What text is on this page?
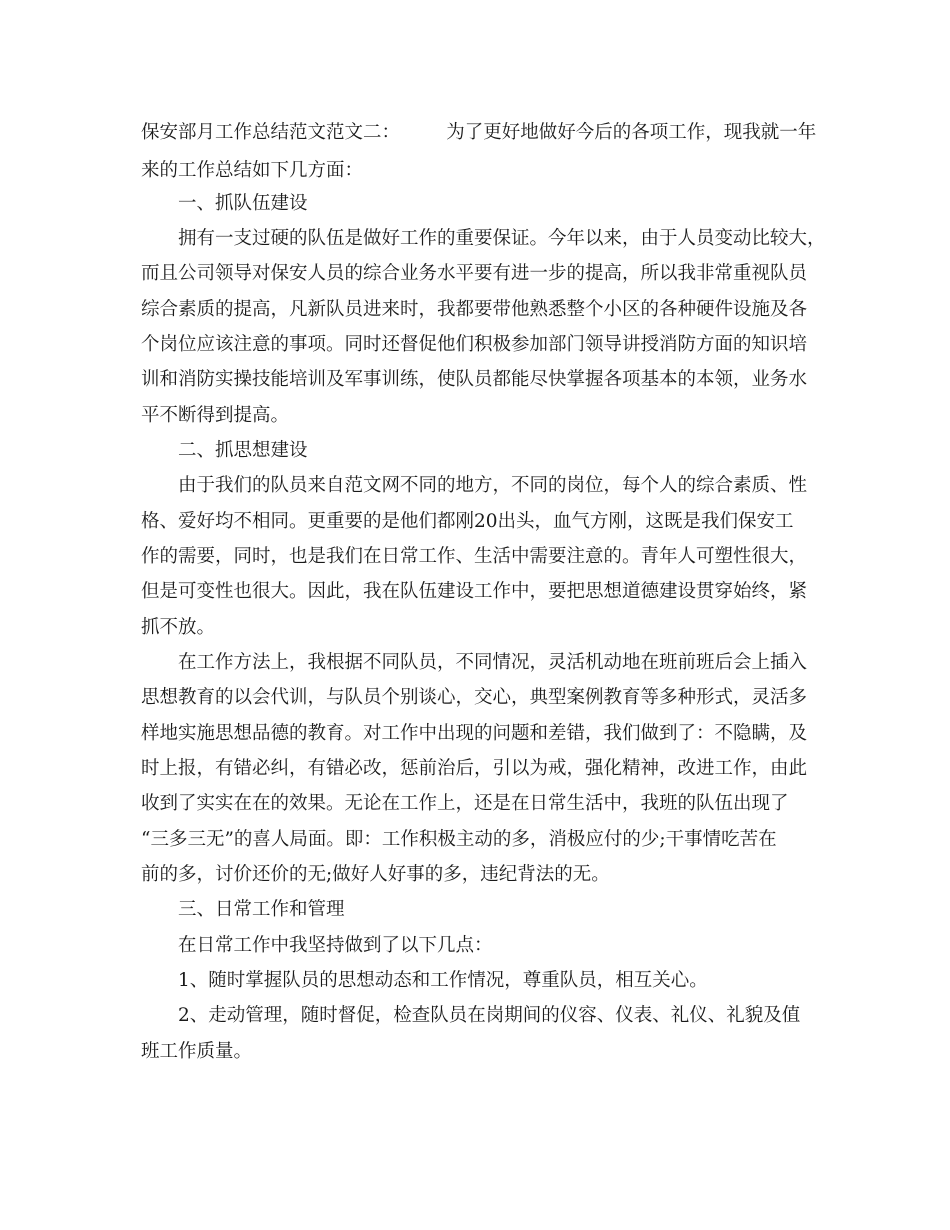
保安部月工作总结范文范文二：　　　为了更好地做好今后的各项工作，现我就一年
来的工作总结如下几方面：
一、抓队伍建设
拥有一支过硬的队伍是做好工作的重要保证。今年以来，由于人员变动比较大，
而且公司领导对保安人员的综合业务水平要有进一步的提高，所以我非常重视队员
综合素质的提高，凡新队员进来时，我都要带他熟悉整个小区的各种硬件设施及各
个岗位应该注意的事项。同时还督促他们积极参加部门领导讲授消防方面的知识培
训和消防实操技能培训及军事训练，使队员都能尽快掌握各项基本的本领，业务水
平不断得到提高。
二、抓思想建设
由于我们的队员来自范文网不同的地方，不同的岗位，每个人的综合素质、性
格、爱好均不相同。更重要的是他们都刚20出头，血气方刚，这既是我们保安工
作的需要，同时，也是我们在日常工作、生活中需要注意的。青年人可塑性很大，
但是可变性也很大。因此，我在队伍建设工作中，要把思想道德建设贯穿始终，紧
抓不放。
在工作方法上，我根据不同队员，不同情况，灵活机动地在班前班后会上插入
思想教育的以会代训，与队员个别谈心，交心，典型案例教育等多种形式，灵活多
样地实施思想品德的教育。对工作中出现的问题和差错，我们做到了：不隐瞒，及
时上报，有错必纠，有错必改，惩前治后，引以为戒，强化精神，改进工作，由此
收到了实实在在的效果。无论在工作上，还是在日常生活中，我班的队伍出现了
“三多三无”的喜人局面。即：工作积极主动的多，消极应付的少;干事情吃苦在
前的多，讨价还价的无;做好人好事的多，违纪背法的无。
三、日常工作和管理
在日常工作中我坚持做到了以下几点：
1、随时掌握队员的思想动态和工作情况，尊重队员，相互关心。
2、走动管理，随时督促，检查队员在岗期间的仪容、仪表、礼仪、礼貌及值
班工作质量。
